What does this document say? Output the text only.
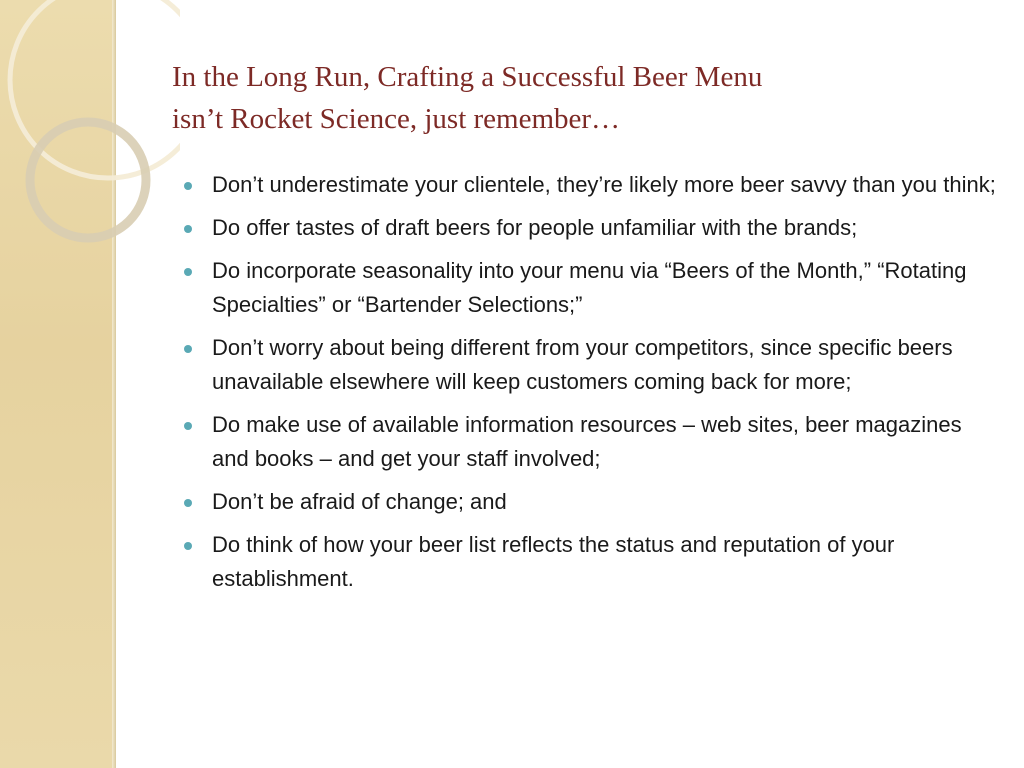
In the Long Run, Crafting a Successful Beer Menu
isn’t Rocket Science, just remember…
Don’t underestimate your clientele, they’re likely more beer savvy than you think;
Do offer tastes of draft beers for people unfamiliar with the brands;
Do incorporate seasonality into your menu via “Beers of the Month,” “Rotating Specialties” or “Bartender Selections;”
Don’t worry about being different from your competitors, since specific beers unavailable elsewhere will keep customers coming back for more;
Do make use of available information resources – web sites, beer magazines and books – and get your staff involved;
Don’t be afraid of change; and
Do think of how your beer list reflects the status and reputation of your establishment.
